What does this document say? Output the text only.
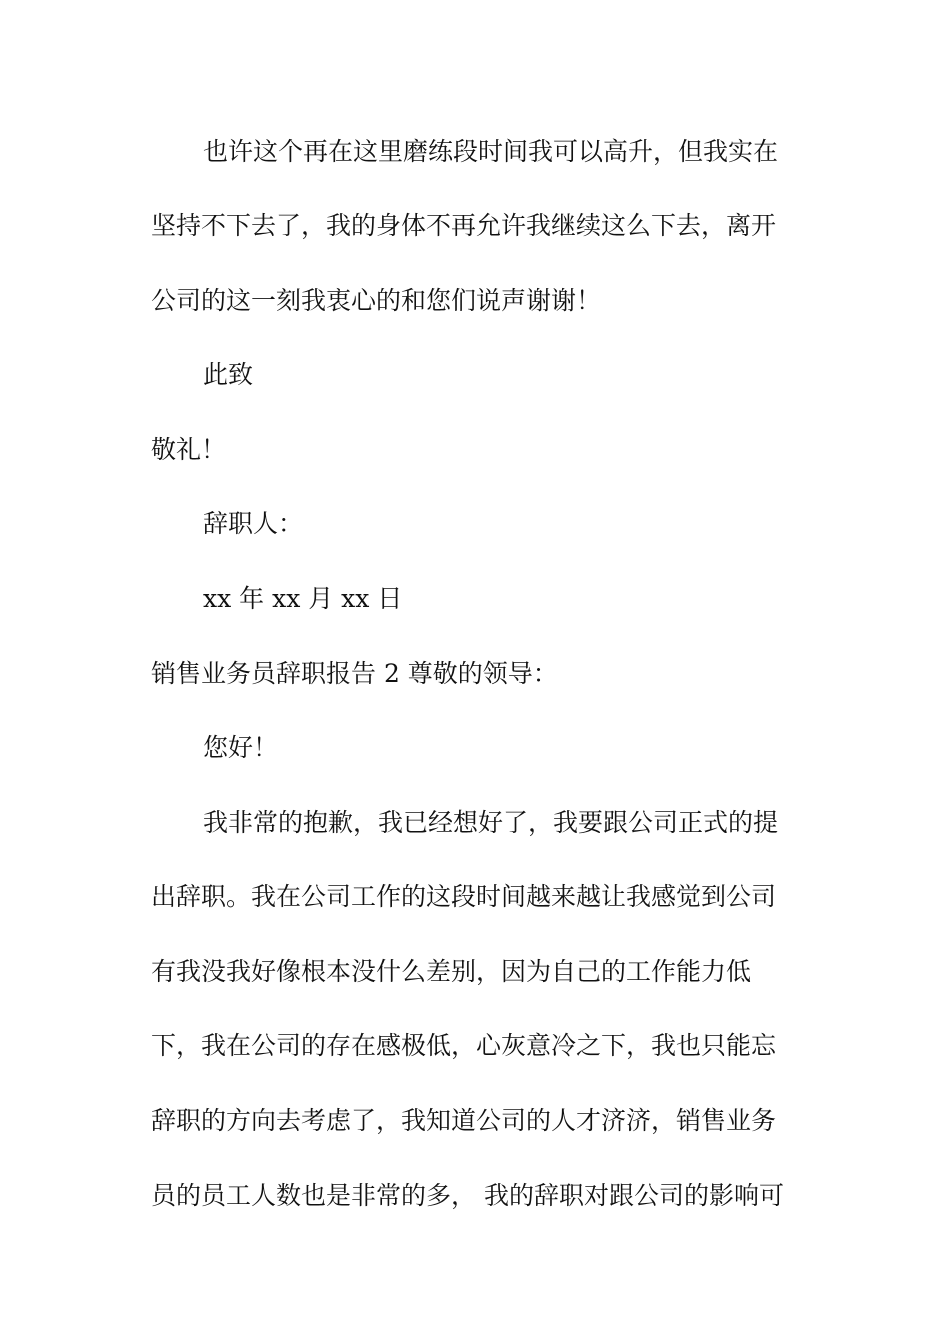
也许这个再在这里磨练段时间我可以高升，但我实在
坚持不下去了，我的身体不再允许我继续这么下去，离开
公司的这一刻我衷心的和您们说声谢谢！
此致
敬礼！
辞职人：
xx 年 xx 月 xx 日
销售业务员辞职报告 2 尊敬的领导：
您好！
我非常的抱歉，我已经想好了，我要跟公司正式的提
出辞职。我在公司工作的这段时间越来越让我感觉到公司
有我没我好像根本没什么差别，因为自己的工作能力低
下，我在公司的存在感极低，心灰意冷之下，我也只能忘
辞职的方向去考虑了，我知道公司的人才济济，销售业务
员的员工人数也是非常的多， 我的辞职对跟公司的影响可
